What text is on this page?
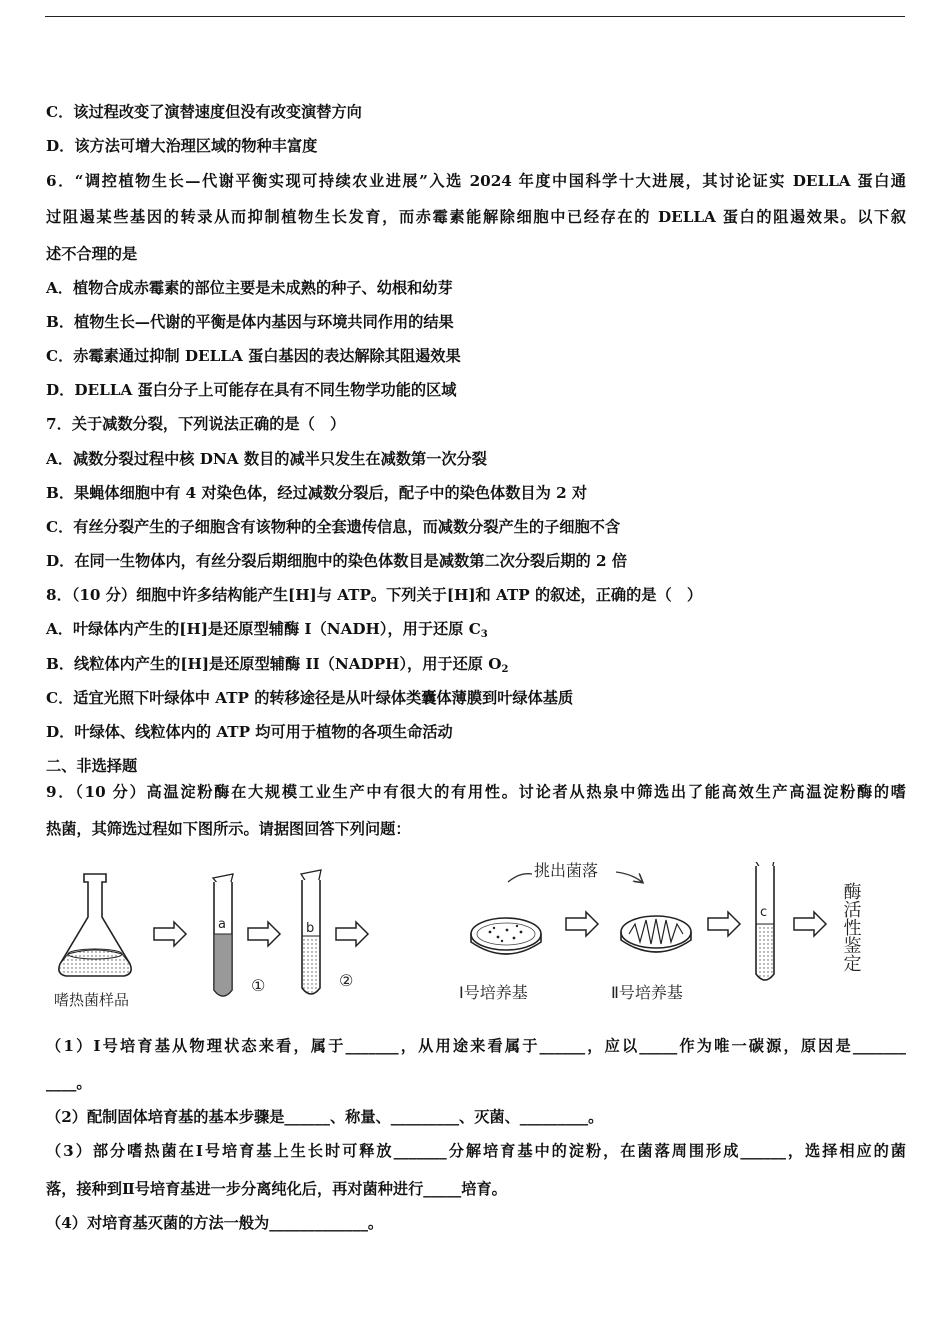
C．该过程改变了演替速度但没有改变演替方向
D．该方法可增大治理区域的物种丰富度
6．“调控植物生长—代谢平衡实现可持续农业进展”入选 2024 年度中国科学十大进展，其讨论证实 DELLA 蛋白通
过阻遏某些基因的转录从而抑制植物生长发育，而赤霉素能解除细胞中已经存在的 DELLA 蛋白的阻遏效果。以下叙
述不合理的是
A．植物合成赤霉素的部位主要是未成熟的种子、幼根和幼芽
B．植物生长—代谢的平衡是体内基因与环境共同作用的结果
C．赤霉素通过抑制 DELLA 蛋白基因的表达解除其阻遏效果
D．DELLA 蛋白分子上可能存在具有不同生物学功能的区域
7．关于减数分裂，下列说法正确的是（　）
A．减数分裂过程中核 DNA 数目的减半只发生在减数第一次分裂
B．果蝇体细胞中有 4 对染色体，经过减数分裂后，配子中的染色体数目为 2 对
C．有丝分裂产生的子细胞含有该物种的全套遗传信息，而减数分裂产生的子细胞不含
D．在同一生物体内，有丝分裂后期细胞中的染色体数目是减数第二次分裂后期的 2 倍
8．（10 分）细胞中许多结构能产生[H]与 ATP。下列关于[H]和 ATP 的叙述，正确的是（　）
A．叶绿体内产生的[H]是还原型辅酶 I（NADH），用于还原 $C_3$
B．线粒体内产生的[H]是还原型辅酶 II（NADPH），用于还原 $O_2$
C．适宜光照下叶绿体中 ATP 的转移途径是从叶绿体类囊体薄膜到叶绿体基质
D．叶绿体、线粒体内的 ATP 均可用于植物的各项生命活动
二、非选择题
9．（10 分）高温淀粉酶在大规模工业生产中有很大的有用性。讨论者从热泉中筛选出了能高效生产高温淀粉酶的嗜
热菌，其筛选过程如下图所示。请据图回答下列问题：
嗜热菌样品
a
①
b
②
挑出菌落
Ⅰ号培养基	Ⅱ号培养基
c	酶活性鉴定
（1）Ⅰ号培育基从物理状态来看，属于_______，从用途来看属于______，应以_____作为唯一碳源，原因是_______
____。
（2）配制固体培育基的基本步骤是______、称量、_________、灭菌、_________。
（3）部分嗜热菌在Ⅰ号培育基上生长时可释放_______分解培育基中的淀粉，在菌落周围形成______，选择相应的菌
落，接种到Ⅱ号培育基进一步分离纯化后，再对菌种进行_____培育。
（4）对培育基灭菌的方法一般为_____________。
